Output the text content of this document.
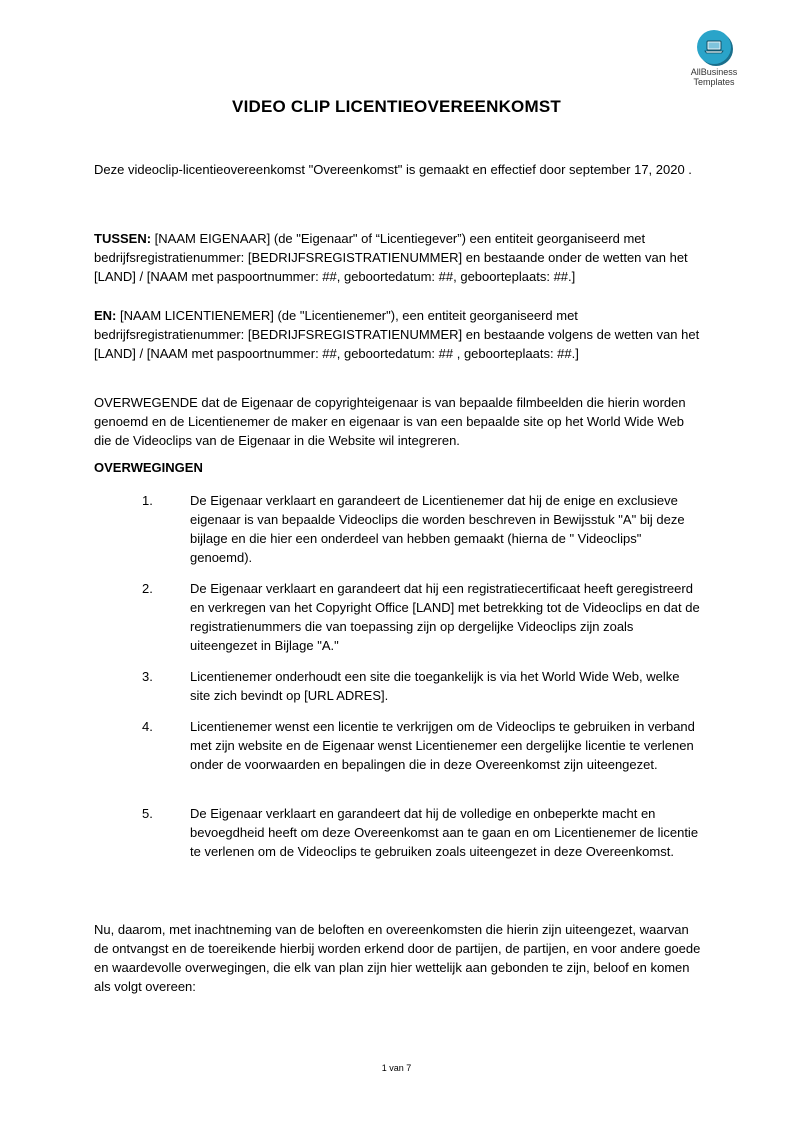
AllBusiness
Templates
VIDEO CLIP LICENTIEOVEREENKOMST

Deze videoclip-licentieovereenkomst "Overeenkomst" is gemaakt en effectief door september 17, 2020 .

TUSSEN: [NAAM EIGENAAR] (de "Eigenaar" of “Licentiegever”) een entiteit georganiseerd met bedrijfsregistratienummer: [BEDRIJFSREGISTRATIENUMMER] en bestaande onder de wetten van het [LAND] / [NAAM met paspoortnummer: ##, geboortedatum: ##, geboorteplaats: ##.]

EN: [NAAM LICENTIENEMER] (de "Licentienemer"), een entiteit georganiseerd met bedrijfsregistratienummer: [BEDRIJFSREGISTRATIENUMMER] en bestaande volgens de wetten van het [LAND] / [NAAM met paspoortnummer: ##, geboortedatum: ## , geboorteplaats: ##.]

OVERWEGENDE dat de Eigenaar de copyrighteigenaar is van bepaalde filmbeelden die hierin worden genoemd en de Licentienemer de maker en eigenaar is van een bepaalde site op het World Wide Web die de Videoclips van de Eigenaar in die Website wil integreren.

OVERWEGINGEN
1.	De Eigenaar verklaart en garandeert de Licentienemer dat hij de enige en exclusieve eigenaar is van bepaalde Videoclips die worden beschreven in Bewijsstuk "A" bij deze bijlage en die hier een onderdeel van hebben gemaakt (hierna de " Videoclips" genoemd).
2.	De Eigenaar verklaart en garandeert dat hij een registratiecertificaat heeft geregistreerd en verkregen van het Copyright Office [LAND] met betrekking tot de Videoclips en dat de registratienummers die van toepassing zijn op dergelijke Videoclips zijn zoals uiteengezet in Bijlage "A."
3.	Licentienemer onderhoudt een site die toegankelijk is via het World Wide Web, welke site zich bevindt op [URL ADRES].
4.	Licentienemer wenst een licentie te verkrijgen om de Videoclips te gebruiken in verband met zijn website en de Eigenaar wenst Licentienemer een dergelijke licentie te verlenen onder de voorwaarden en bepalingen die in deze Overeenkomst zijn uiteengezet.
5.	De Eigenaar verklaart en garandeert dat hij de volledige en onbeperkte macht en bevoegdheid heeft om deze Overeenkomst aan te gaan en om Licentienemer de licentie te verlenen om de Videoclips te gebruiken zoals uiteengezet in deze Overeenkomst.

Nu, daarom, met inachtneming van de beloften en overeenkomsten die hierin zijn uiteengezet, waarvan de ontvangst en de toereikende hierbij worden erkend door de partijen, de partijen, en voor andere goede en waardevolle overwegingen, die elk van plan zijn hier wettelijk aan gebonden te zijn, beloof en komen als volgt overeen:

1 van 7
